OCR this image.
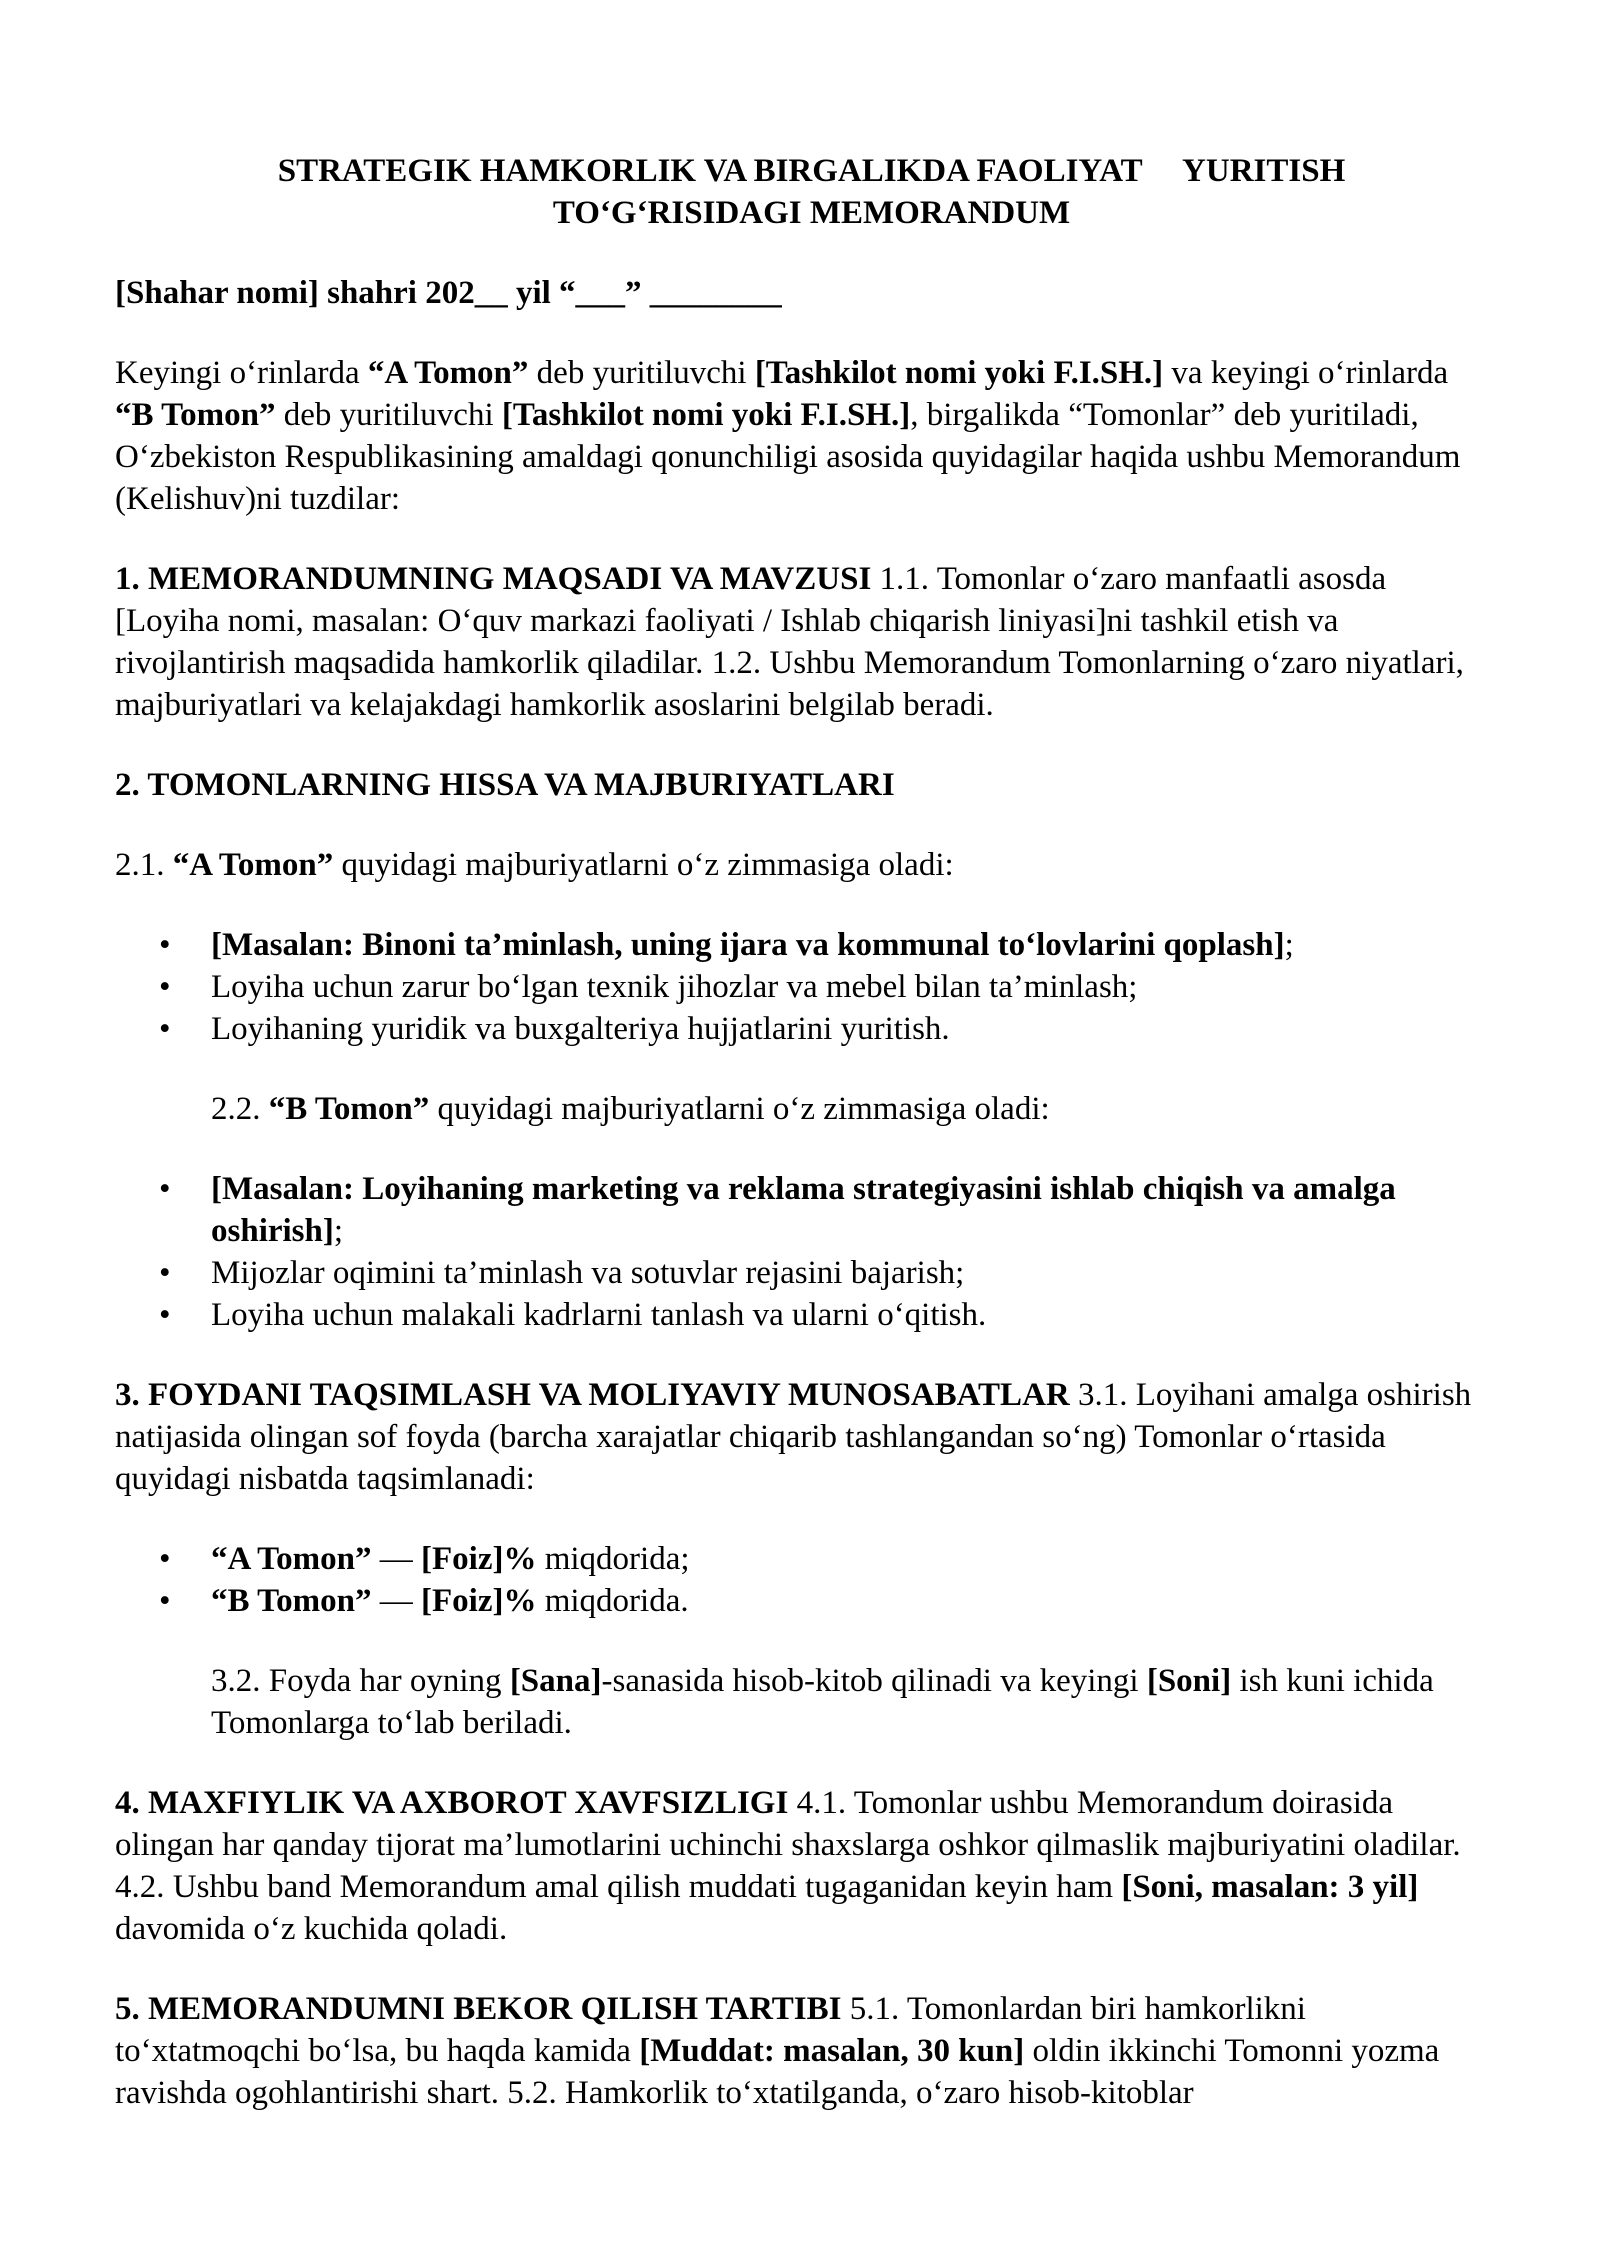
STRATEGIK HAMKORLIK VA BIRGALIKDA FAOLIYAT     YURITISH
TO‘G‘RISIDAGI MEMORANDUM
[Shahar nomi] shahri 202__ yil “___” ________

Keyingi o‘rinlarda “A Tomon” deb yuritiluvchi [Tashkilot nomi yoki F.I.SH.] va keyingi o‘rinlarda “B Tomon” deb yuritiluvchi [Tashkilot nomi yoki F.I.SH.], birgalikda “Tomonlar” deb yuritiladi, O‘zbekiston Respublikasining amaldagi qonunchiligi asosida quyidagilar haqida ushbu Memorandum (Kelishuv)ni tuzdilar:

1. MEMORANDUMNING MAQSADI VA MAVZUSI 1.1. Tomonlar o‘zaro manfaatli asosda [Loyiha nomi, masalan: O‘quv markazi faoliyati / Ishlab chiqarish liniyasi]ni tashkil etish va rivojlantirish maqsadida hamkorlik qiladilar. 1.2. Ushbu Memorandum Tomonlarning o‘zaro niyatlari, majburiyatlari va kelajakdagi hamkorlik asoslarini belgilab beradi.

2. TOMONLARNING HISSA VA MAJBURIYATLARI

2.1. “A Tomon” quyidagi majburiyatlarni o‘z zimmasiga oladi:

• [Masalan: Binoni ta’minlash, uning ijara va kommunal to‘lovlarini qoplash];
• Loyiha uchun zarur bo‘lgan texnik jihozlar va mebel bilan ta’minlash;
• Loyihaning yuridik va buxgalteriya hujjatlarini yuritish.

2.2. “B Tomon” quyidagi majburiyatlarni o‘z zimmasiga oladi:

• [Masalan: Loyihaning marketing va reklama strategiyasini ishlab chiqish va amalga oshirish];
• Mijozlar oqimini ta’minlash va sotuvlar rejasini bajarish;
• Loyiha uchun malakali kadrlarni tanlash va ularni o‘qitish.

3. FOYDANI TAQSIMLASH VA MOLIYAVIY MUNOSABATLAR 3.1. Loyihani amalga oshirish natijasida olingan sof foyda (barcha xarajatlar chiqarib tashlangandan so‘ng) Tomonlar o‘rtasida quyidagi nisbatda taqsimlanadi:

• “A Tomon” — [Foiz]% miqdorida;
• “B Tomon” — [Foiz]% miqdorida.

3.2. Foyda har oyning [Sana]-sanasida hisob-kitob qilinadi va keyingi [Soni] ish kuni ichida Tomonlarga to‘lab beriladi.

4. MAXFIYLIK VA AXBOROT XAVFSIZLIGI 4.1. Tomonlar ushbu Memorandum doirasida olingan har qanday tijorat ma’lumotlarini uchinchi shaxslarga oshkor qilmaslik majburiyatini oladilar. 4.2. Ushbu band Memorandum amal qilish muddati tugaganidan keyin ham [Soni, masalan: 3 yil] davomida o‘z kuchida qoladi.

5. MEMORANDUMNI BEKOR QILISH TARTIBI 5.1. Tomonlardan biri hamkorlikni to‘xtatmoqchi bo‘lsa, bu haqda kamida [Muddat: masalan, 30 kun] oldin ikkinchi Tomonni yozma ravishda ogohlantirishi shart. 5.2. Hamkorlik to‘xtatilganda, o‘zaro hisob-kitoblar
